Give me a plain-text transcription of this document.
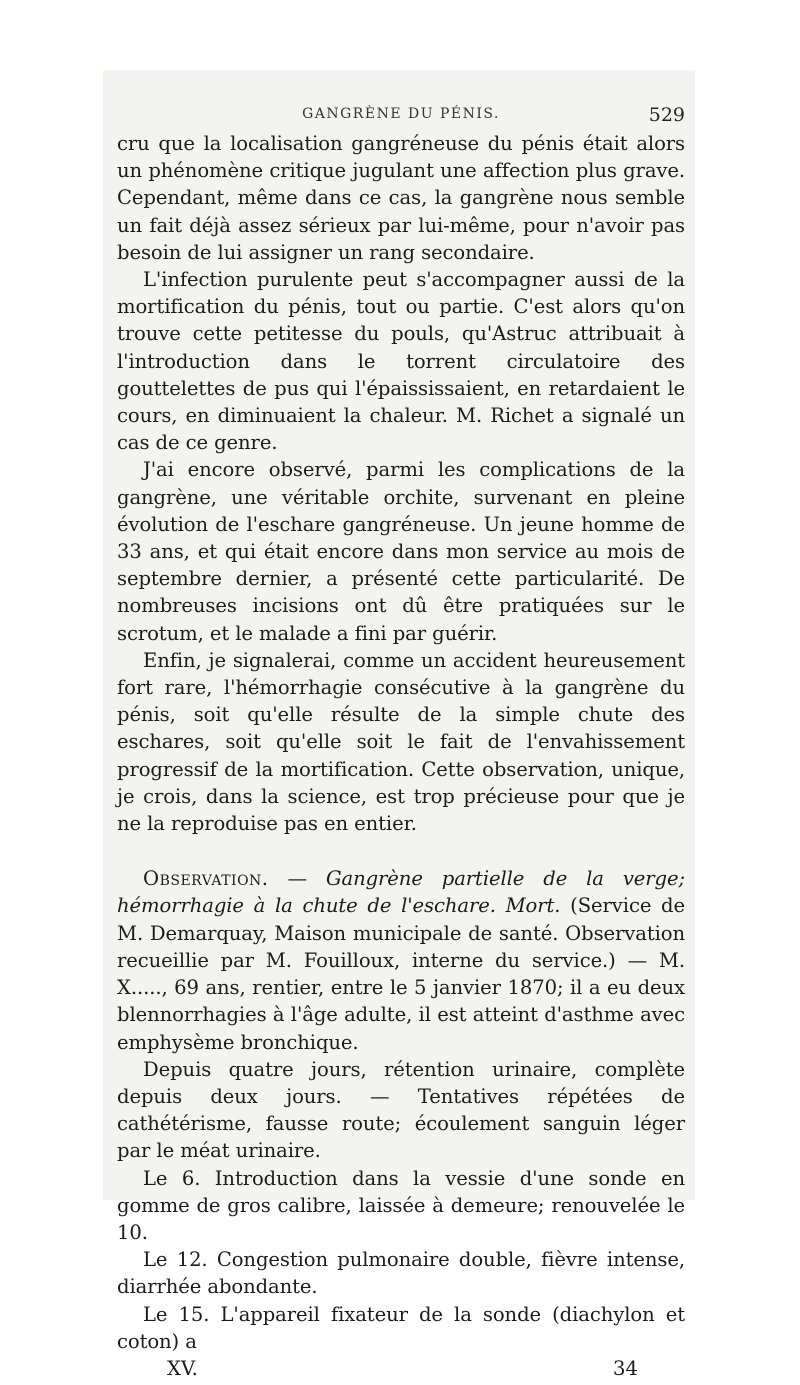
GANGRÈNE DU PÉNIS.	529

cru que la localisation gangréneuse du pénis était alors un phénomène critique jugulant une affection plus grave. Cependant, même dans ce cas, la gangrène nous semble un fait déjà assez sérieux par lui-même, pour n'avoir pas besoin de lui assigner un rang secondaire.

L'infection purulente peut s'accompagner aussi de la mortification du pénis, tout ou partie. C'est alors qu'on trouve cette petitesse du pouls, qu'Astruc attribuait à l'introduction dans le torrent circulatoire des gouttelettes de pus qui l'épaississaient, en retardaient le cours, en diminuaient la chaleur. M. Richet a signalé un cas de ce genre.

J'ai encore observé, parmi les complications de la gangrène, une véritable orchite, survenant en pleine évolution de l'eschare gangréneuse. Un jeune homme de 33 ans, et qui était encore dans mon service au mois de septembre dernier, a présenté cette particularité. De nombreuses incisions ont dû être pratiquées sur le scrotum, et le malade a fini par guérir.

Enfin, je signalerai, comme un accident heureusement fort rare, l'hémorrhagie consécutive à la gangrène du pénis, soit qu'elle résulte de la simple chute des eschares, soit qu'elle soit le fait de l'envahissement progressif de la mortification. Cette observation, unique, je crois, dans la science, est trop précieuse pour que je ne la reproduise pas en entier.

Observation. — Gangrène partielle de la verge; hémorrhagie à la chute de l'eschare. Mort. (Service de M. Demarquay, Maison municipale de santé. Observation recueillie par M. Fouilloux, interne du service.) — M. X....., 69 ans, rentier, entre le 5 janvier 1870; il a eu deux blennorrhagies à l'âge adulte, il est atteint d'asthme avec emphysème bronchique.

Depuis quatre jours, rétention urinaire, complète depuis deux jours. — Tentatives répétées de cathétérisme, fausse route; écoulement sanguin léger par le méat urinaire.

Le 6. Introduction dans la vessie d'une sonde en gomme de gros calibre, laissée à demeure; renouvelée le 10.

Le 12. Congestion pulmonaire double, fièvre intense, diarrhée abondante.

Le 15. L'appareil fixateur de la sonde (diachylon et coton) a

XV.	34
